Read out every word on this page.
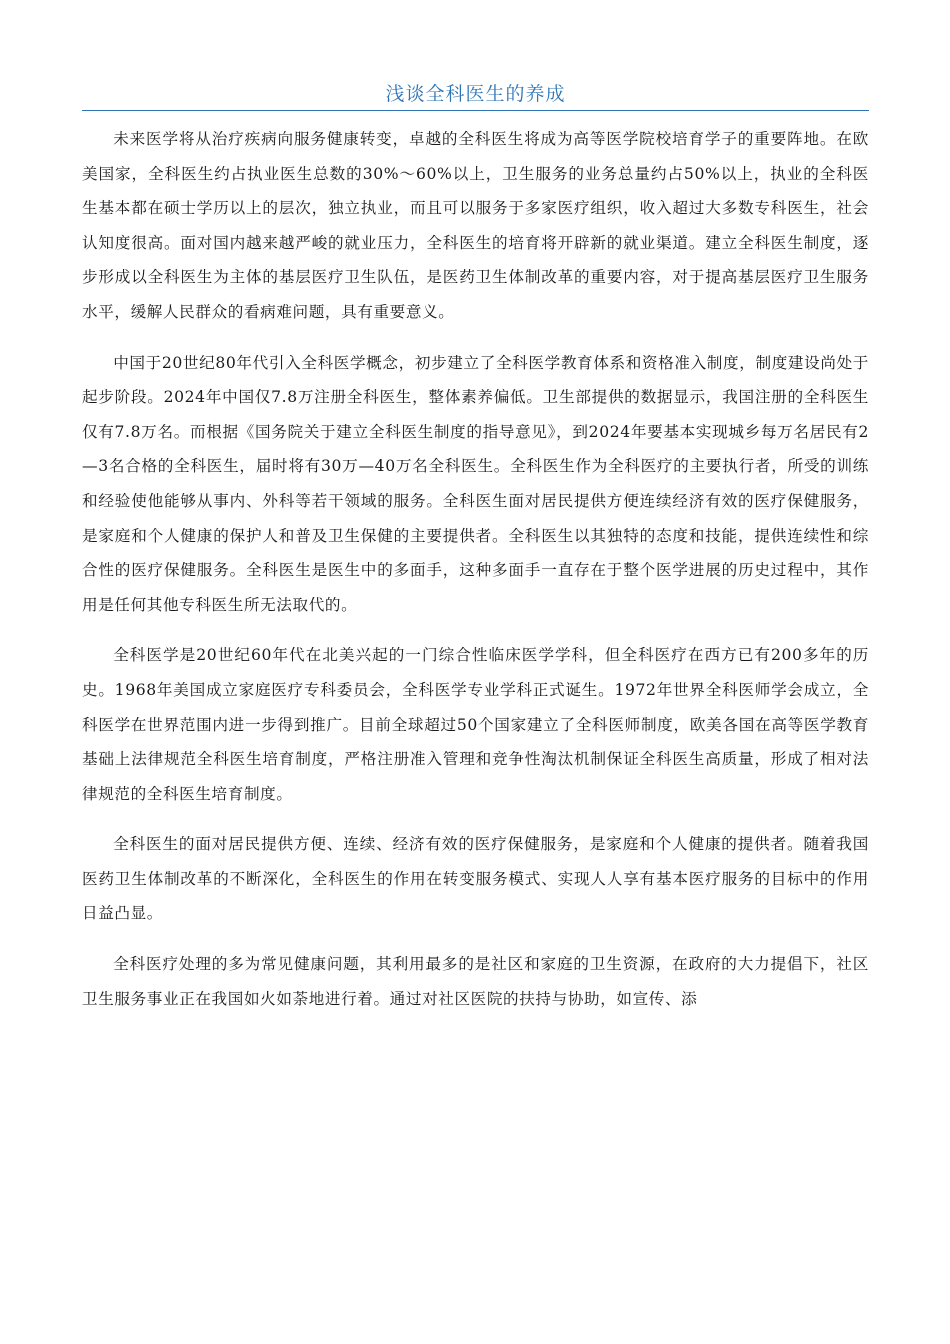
浅谈全科医生的养成

未来医学将从治疗疾病向服务健康转变，卓越的全科医生将成为高等医学院校培育学子的重要阵地。在欧美国家，全科医生约占执业医生总数的30%～60%以上，卫生服务的业务总量约占50%以上，执业的全科医生基本都在硕士学历以上的层次，独立执业，而且可以服务于多家医疗组织，收入超过大多数专科医生，社会认知度很高。面对国内越来越严峻的就业压力，全科医生的培育将开辟新的就业渠道。建立全科医生制度，逐步形成以全科医生为主体的基层医疗卫生队伍，是医药卫生体制改革的重要内容，对于提高基层医疗卫生服务水平，缓解人民群众的看病难问题，具有重要意义。

中国于20世纪80年代引入全科医学概念，初步建立了全科医学教育体系和资格准入制度，制度建设尚处于起步阶段。2024年中国仅7.8万注册全科医生，整体素养偏低。卫生部提供的数据显示，我国注册的全科医生仅有7.8万名。而根据《国务院关于建立全科医生制度的指导意见》，到2024年要基本实现城乡每万名居民有2—3名合格的全科医生，届时将有30万—40万名全科医生。全科医生作为全科医疗的主要执行者，所受的训练和经验使他能够从事内、外科等若干领域的服务。全科医生面对居民提供方便连续经济有效的医疗保健服务，是家庭和个人健康的保护人和普及卫生保健的主要提供者。全科医生以其独特的态度和技能，提供连续性和综合性的医疗保健服务。全科医生是医生中的多面手，这种多面手一直存在于整个医学进展的历史过程中，其作用是任何其他专科医生所无法取代的。

全科医学是20世纪60年代在北美兴起的一门综合性临床医学学科，但全科医疗在西方已有200多年的历史。1968年美国成立家庭医疗专科委员会，全科医学专业学科正式诞生。1972年世界全科医师学会成立，全科医学在世界范围内进一步得到推广。目前全球超过50个国家建立了全科医师制度，欧美各国在高等医学教育基础上法律规范全科医生培育制度，严格注册准入管理和竞争性淘汰机制保证全科医生高质量，形成了相对法律规范的全科医生培育制度。

全科医生的面对居民提供方便、连续、经济有效的医疗保健服务，是家庭和个人健康的提供者。随着我国医药卫生体制改革的不断深化，全科医生的作用在转变服务模式、实现人人享有基本医疗服务的目标中的作用日益凸显。

全科医疗处理的多为常见健康问题，其利用最多的是社区和家庭的卫生资源，在政府的大力提倡下，社区卫生服务事业正在我国如火如荼地进行着。通过对社区医院的扶持与协助，如宣传、添
